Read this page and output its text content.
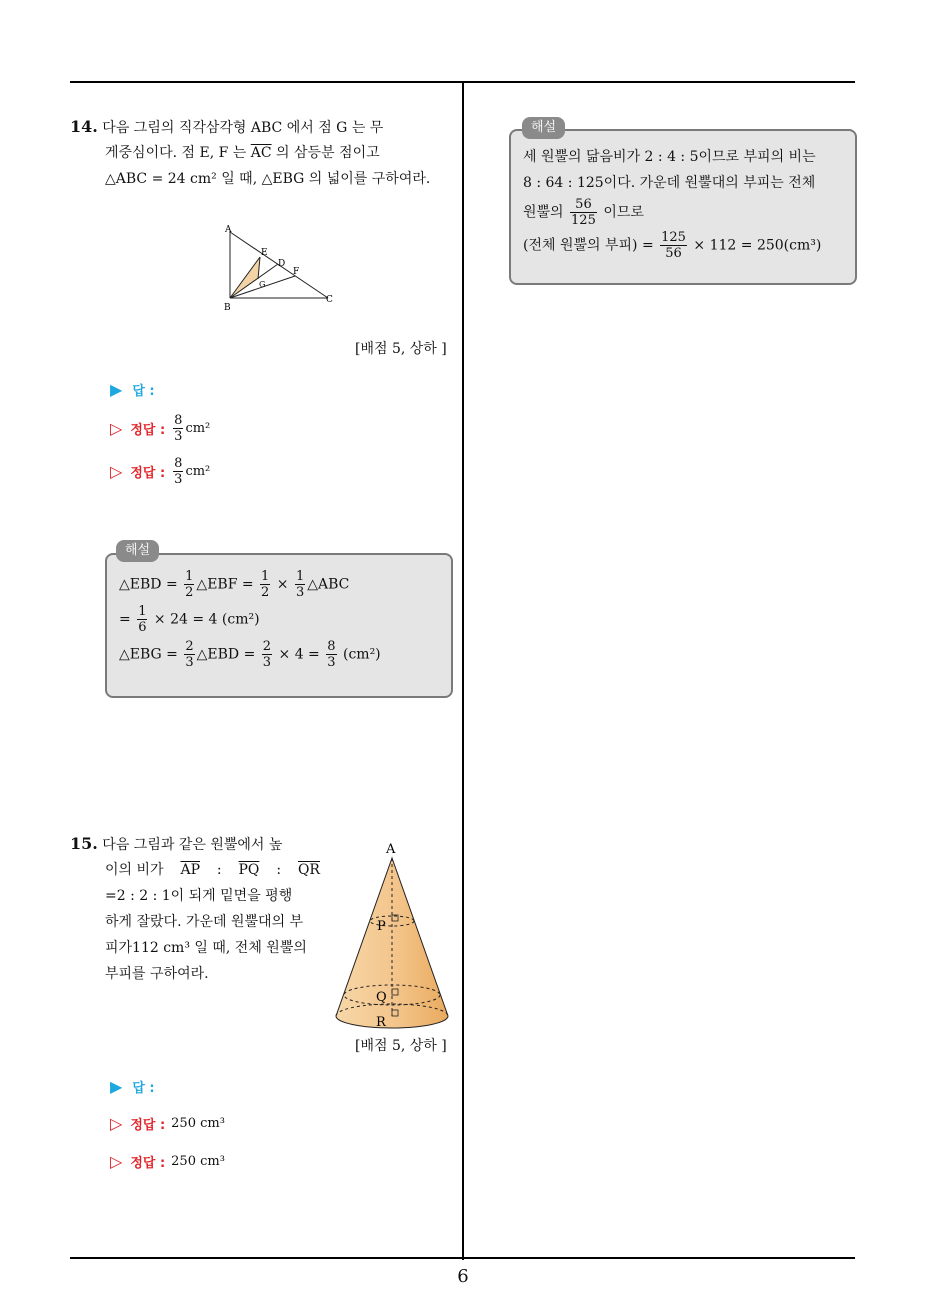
6
14. 다음 그림의 직각삼각형 ABC 에서 점 G 는 무
게중심이다. 점 E, F 는 $\overline{AC}$ 의 삼등분 점이고
△ABC = 24 cm² 일 때, △EBG 의 넓이를 구하여라.
A
B
C
D
E
F
G
[배점 5, 상하 ]
▶ 답 :
▷ 정답 : $\frac{8}{3} cm^2$
▷ 정답 : $\frac{8}{3} cm^2$
△EBD = $\frac{1}{2}$ △EBF = $\frac{1}{2} \times \frac{1}{3}$ △ABC
= $\frac{1}{6} \times 24 = 4$ (cm²)
△EBG = $\frac{2}{3}$ △EBD = $\frac{2}{3} \times 4 = \frac{8}{3} (cm^2)$
해설
15. 다음 그림과 같은 원뿔에서 높
이의 비가 $\overline{AP}$ : $\overline{PQ}$ : $\overline{QR}$
=2 : 2 : 1이 되게 밑면을 평행
하게 잘랐다. 가운데 원뿔대의 부
피가112 cm³ 일 때, 전체 원뿔의
부피를 구하여라.
A
P
Q
R
[배점 5, 상하 ]
▶ 답 :
▷ 정답 : 250 cm³
▷ 정답 : 250 cm³
세 원뿔의 닮음비가 2 : 4 : 5이므로 부피의 비는
8 : 64 : 125이다. 가운데 원뿔대의 부피는 전체
원뿔의 $\frac{56}{125}$ 이므로
(전체 원뿔의 부피) = $\frac{125}{56} \times 112 = 250(cm^3)$
해설
